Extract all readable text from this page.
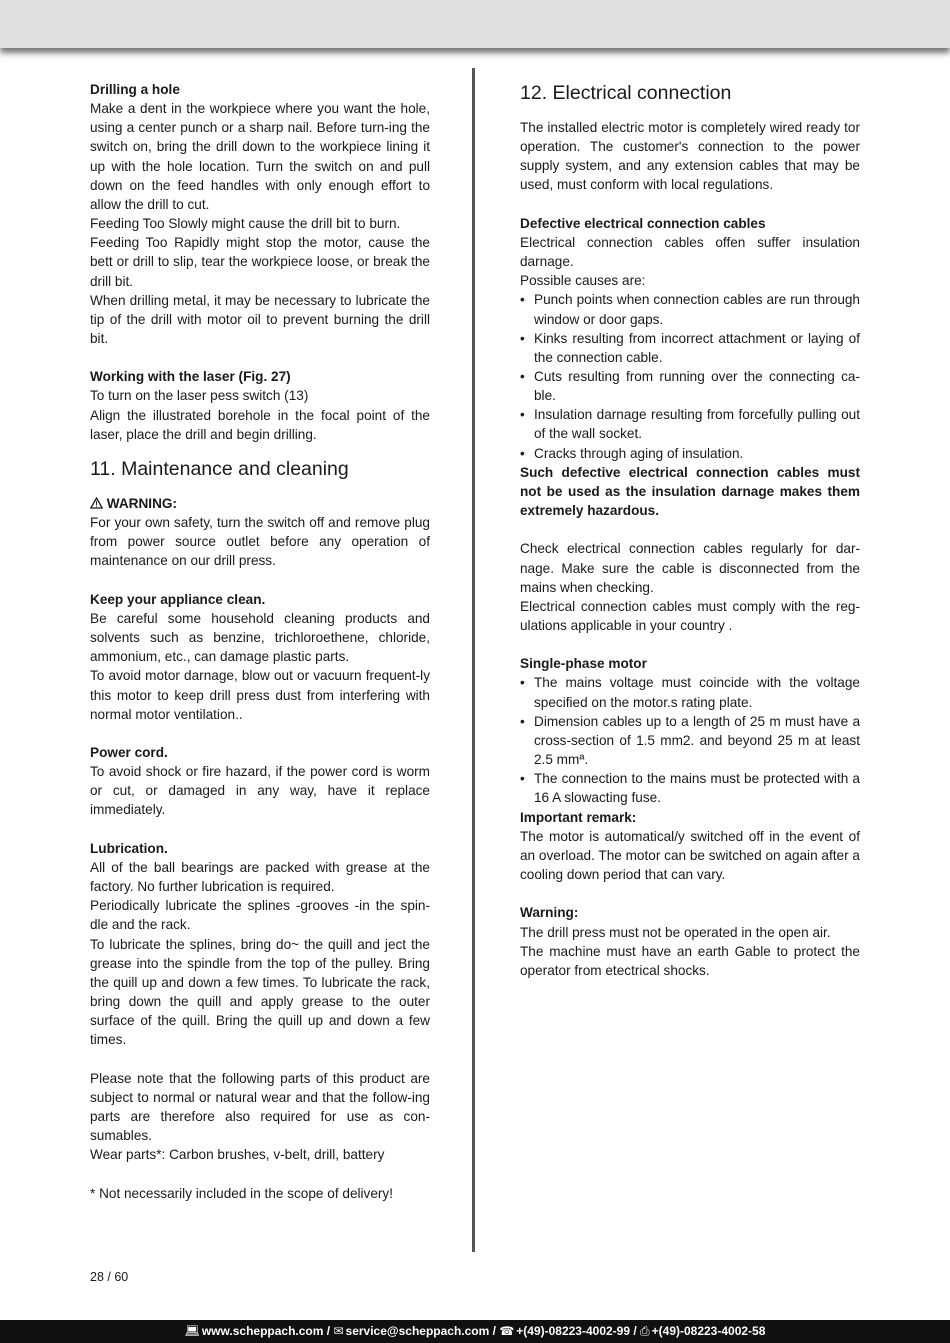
Drilling a hole

Make a dent in the workpiece where you want the hole, using a center punch or a sharp nail. Before turn-ing the switch on, bring the drill down to the workpiece lining it up with the hole location. Turn the switch on and pull down on the feed handles with only enough effort to allow the drill to cut.

Feeding Too Slowly might cause the drill bit to burn.

Feeding Too Rapidly might stop the motor, cause the bett or drill to slip, tear the workpiece loose, or break the drill bit.

When drilling metal, it may be necessary to lubricate the tip of the drill with motor oil to prevent burning the drill bit.

Working with the laser (Fig. 27)

To turn on the laser pess switch (13)

Align the illustrated borehole in the focal point of the laser, place the drill and begin drilling.

11. Maintenance and cleaning

WARNING:

For your own safety, turn the switch off and remove plug from power source outlet before any operation of maintenance on our drill press.

Keep your appliance clean.

Be careful some household cleaning products and solvents such as benzine, trichloroethene, chloride, ammonium, etc., can damage plastic parts.

To avoid motor darnage, blow out or vacuurn frequent-ly this motor to keep drill press dust from interfering with normal motor ventilation..

Power cord.

To avoid shock or fire hazard, if the power cord is worm or cut, or damaged in any way, have it replace immediately.

Lubrication.

All of the ball bearings are packed with grease at the factory. No further lubrication is required.

Periodically lubricate the splines -grooves -in the spin-dle and the rack.

To lubricate the splines, bring do~ the quill and ject the grease into the spindle from the top of the pulley. Bring the quill up and down a few times. To lubricate the rack, bring down the quill and apply grease to the outer surface of the quill. Bring the quill up and down a few times.

Please note that the following parts of this product are subject to normal or natural wear and that the follow-ing parts are therefore also required for use as con-sumables.

Wear parts*: Carbon brushes, v-belt, drill, battery

* Not necessarily included in the scope of delivery!

12. Electrical connection

The installed electric motor is completely wired ready tor operation. The customer's connection to the power supply system, and any extension cables that may be used, must conform with local regulations.

Defective electrical connection cables

Electrical connection cables offen suffer insulation darnage.

Possible causes are:

• Punch points when connection cables are run through window or door gaps.
• Kinks resulting from incorrect attachment or laying of the connection cable.
• Cuts resulting from running over the connecting ca-ble.
• Insulation darnage resulting from forcefully pulling out of the wall socket.
• Cracks through aging of insulation.

Such defective electrical connection cables must not be used as the insulation darnage makes them extremely hazardous.

Check electrical connection cables regularly for dar-nage. Make sure the cable is disconnected from the mains when checking.

Electrical connection cables must comply with the reg-ulations applicable in your country .

Single-phase motor

• The mains voltage must coincide with the voltage specified on the motor.s rating plate.
• Dimension cables up to a length of 25 m must have a cross-section of 1.5 mm2. and beyond 25 m at least 2.5 mmª.
• The connection to the mains must be protected with a 16 A slowacting fuse.

Important remark:

The motor is automatical/y switched off in the event of an overload. The motor can be switched on again after a cooling down period that can vary.

Warning:

The drill press must not be operated in the open air.

The machine must have an earth Gable to protect the operator from etectrical shocks.

28 / 60
💻︎ www.scheppach.com / ✉ service@scheppach.com / ☎ +(49)-08223-4002-99 / ⎙ +(49)-08223-4002-58
